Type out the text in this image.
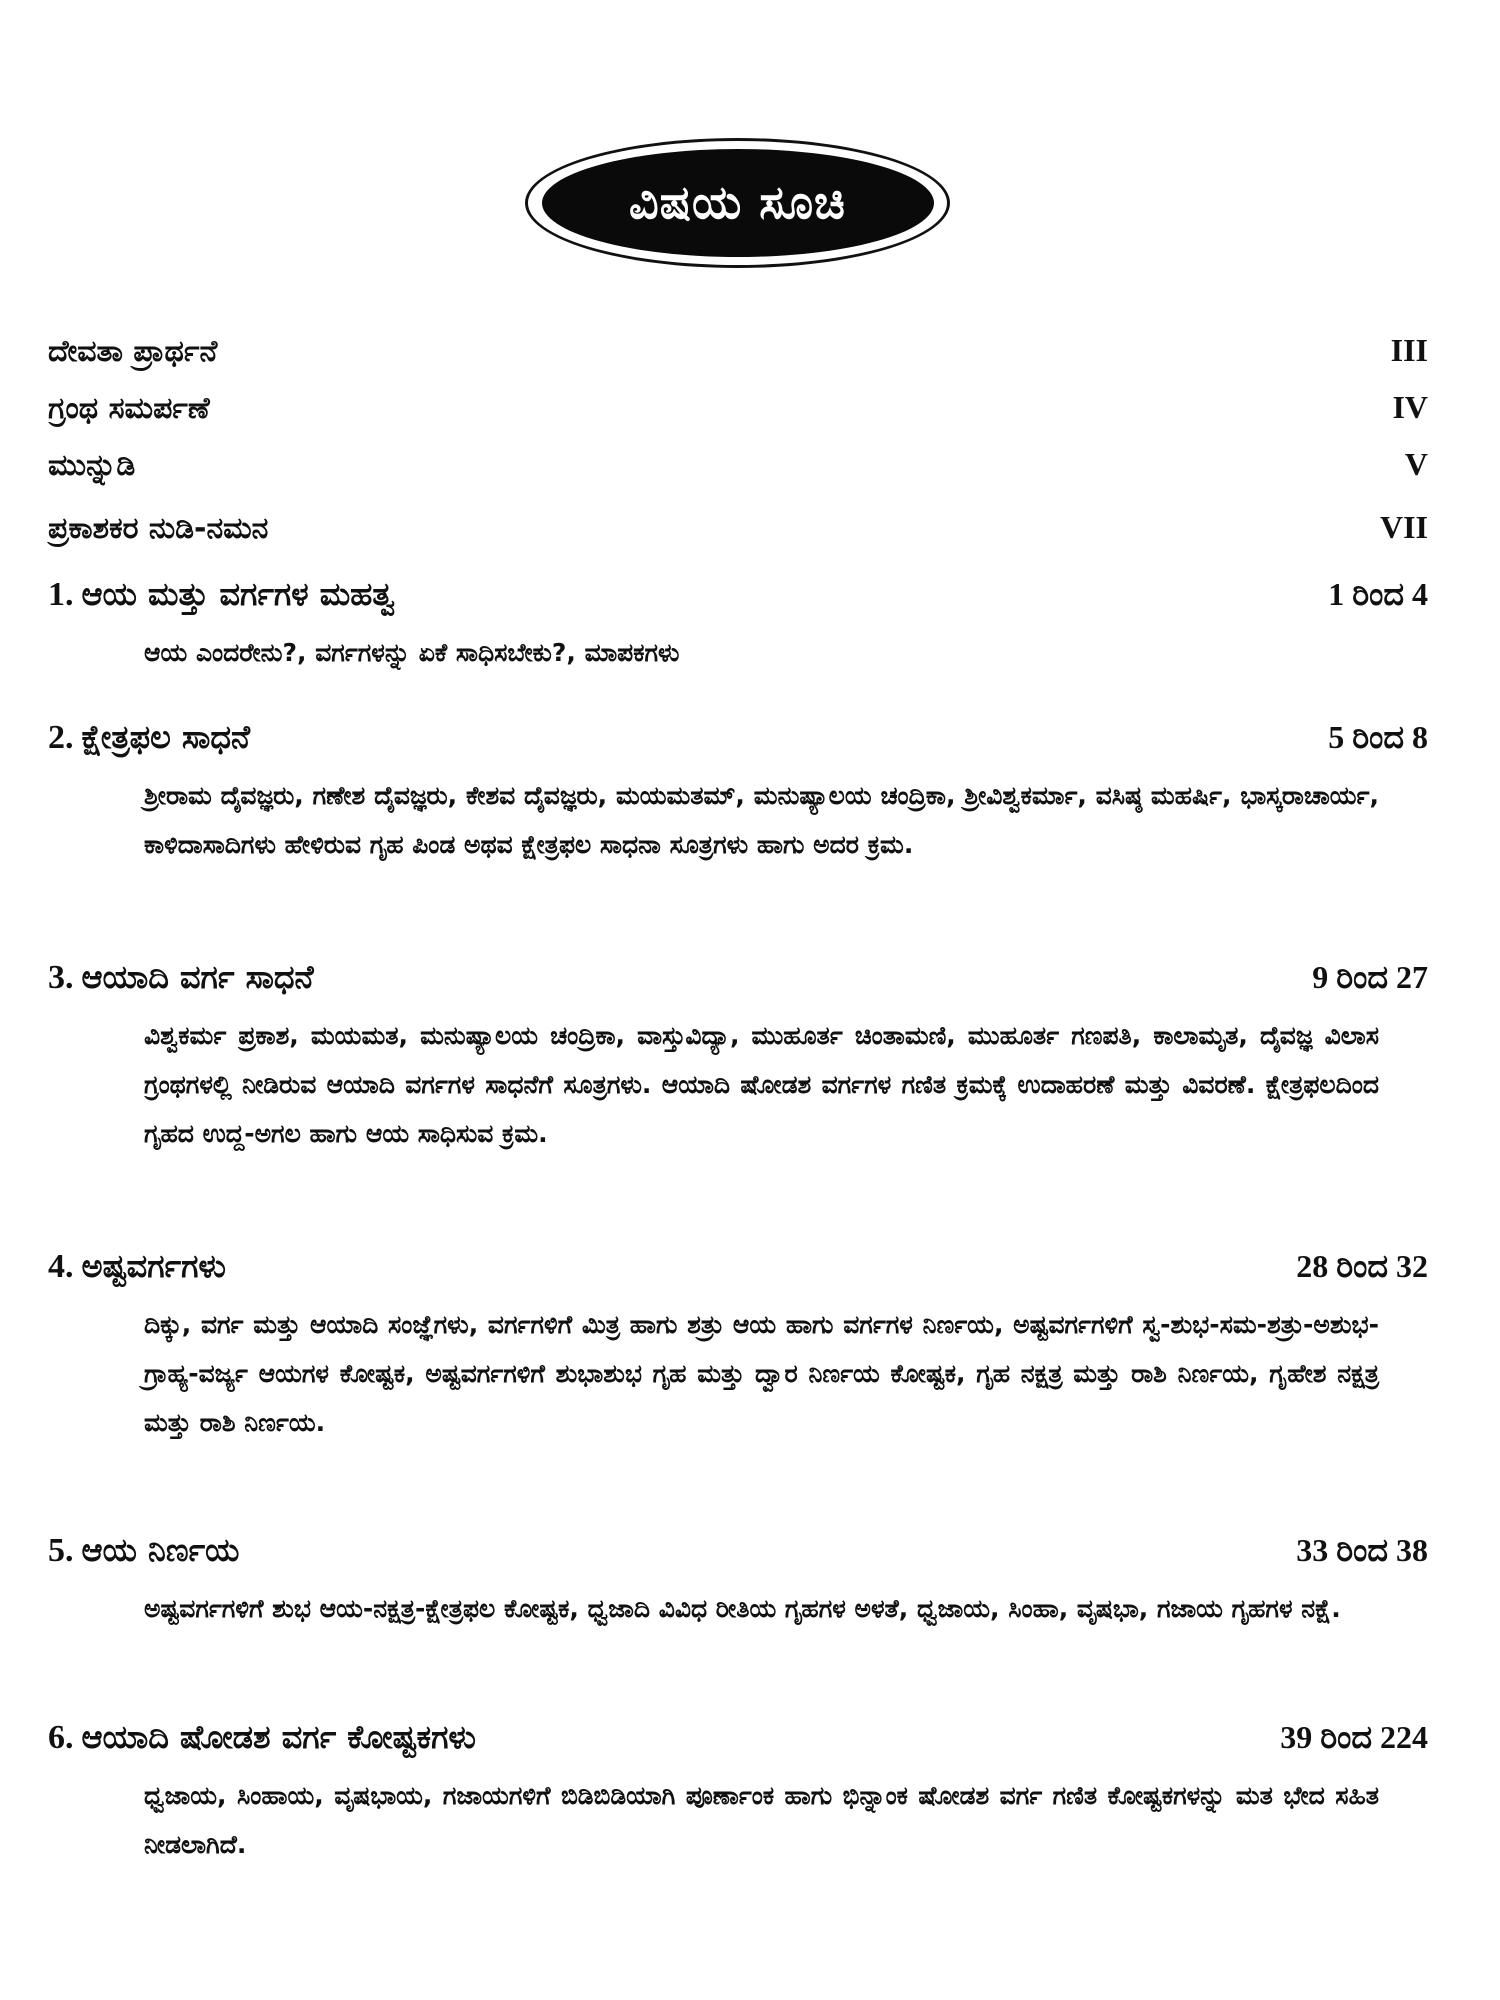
ವಿಷಯ ಸೂಚಿ
ದೇವತಾ ಪ್ರಾರ್ಥನೆ	III
ಗ್ರಂಥ ಸಮರ್ಪಣೆ	IV
ಮುನ್ನುಡಿ	V
ಪ್ರಕಾಶಕರ ನುಡಿ-ನಮನ	VII
1. ಆಯ ಮತ್ತು ವರ್ಗಗಳ ಮಹತ್ವ	1 ರಿಂದ 4
ಆಯ ಎಂದರೇನು?, ವರ್ಗಗಳನ್ನು ಏಕೆ ಸಾಧಿಸಬೇಕು?, ಮಾಪಕಗಳು
2. ಕ್ಷೇತ್ರಫಲ ಸಾಧನೆ	5 ರಿಂದ 8
ಶ್ರೀರಾಮ ದೈವಜ್ಞರು, ಗಣೇಶ ದೈವಜ್ಞರು, ಕೇಶವ ದೈವಜ್ಞರು, ಮಯಮತಮ್, ಮನುಷ್ಯಾಲಯ ಚಂದ್ರಿಕಾ, ಶ್ರೀವಿಶ್ವಕರ್ಮಾ, ವಸಿಷ್ಠ ಮಹರ್ಷಿ, ಭಾಸ್ಕರಾಚಾರ್ಯ, ಕಾಳಿದಾಸಾದಿಗಳು ಹೇಳಿರುವ ಗೃಹ ಪಿಂಡ ಅಥವ ಕ್ಷೇತ್ರಫಲ ಸಾಧನಾ ಸೂತ್ರಗಳು ಹಾಗು ಅದರ ಕ್ರಮ.
3. ಆಯಾದಿ ವರ್ಗ ಸಾಧನೆ	9 ರಿಂದ 27
ವಿಶ್ವಕರ್ಮ ಪ್ರಕಾಶ, ಮಯಮತ, ಮನುಷ್ಯಾಲಯ ಚಂದ್ರಿಕಾ, ವಾಸ್ತುವಿದ್ಯಾ, ಮುಹೂರ್ತ ಚಿಂತಾಮಣಿ, ಮುಹೂರ್ತ ಗಣಪತಿ, ಕಾಲಾಮೃತ, ದೈವಜ್ಞ ವಿಲಾಸ ಗ್ರಂಥಗಳಲ್ಲಿ ನೀಡಿರುವ ಆಯಾದಿ ವರ್ಗಗಳ ಸಾಧನೆಗೆ ಸೂತ್ರಗಳು. ಆಯಾದಿ ಷೋಡಶ ವರ್ಗಗಳ ಗಣಿತ ಕ್ರಮಕ್ಕೆ ಉದಾಹರಣೆ ಮತ್ತು ವಿವರಣೆ. ಕ್ಷೇತ್ರಫಲದಿಂದ ಗೃಹದ ಉದ್ದ-ಅಗಲ ಹಾಗು ಆಯ ಸಾಧಿಸುವ ಕ್ರಮ.
4. ಅಷ್ಟವರ್ಗಗಳು	28 ರಿಂದ 32
ದಿಕ್ಕು, ವರ್ಗ ಮತ್ತು ಆಯಾದಿ ಸಂಜ್ಞೆಗಳು, ವರ್ಗಗಳಿಗೆ ಮಿತ್ರ ಹಾಗು ಶತ್ರು ಆಯ ಹಾಗು ವರ್ಗಗಳ ನಿರ್ಣಯ, ಅಷ್ಟವರ್ಗಗಳಿಗೆ ಸ್ವ-ಶುಭ-ಸಮ-ಶತ್ರು-ಅಶುಭ-ಗ್ರಾಹ್ಯ-ವರ್ಜ್ಯ ಆಯಗಳ ಕೋಷ್ಟಕ, ಅಷ್ಟವರ್ಗಗಳಿಗೆ ಶುಭಾಶುಭ ಗೃಹ ಮತ್ತು ದ್ವಾರ ನಿರ್ಣಯ ಕೋಷ್ಟಕ, ಗೃಹ ನಕ್ಷತ್ರ ಮತ್ತು ರಾಶಿ ನಿರ್ಣಯ, ಗೃಹೇಶ ನಕ್ಷತ್ರ ಮತ್ತು ರಾಶಿ ನಿರ್ಣಯ.
5. ಆಯ ನಿರ್ಣಯ	33 ರಿಂದ 38
ಅಷ್ಟವರ್ಗಗಳಿಗೆ ಶುಭ ಆಯ-ನಕ್ಷತ್ರ-ಕ್ಷೇತ್ರಫಲ ಕೋಷ್ಟಕ, ಧ್ವಜಾದಿ ವಿವಿಧ ರೀತಿಯ ಗೃಹಗಳ ಅಳತೆ, ಧ್ವಜಾಯ, ಸಿಂಹಾ, ವೃಷಭಾ, ಗಜಾಯ ಗೃಹಗಳ ನಕ್ಷೆ.
6. ಆಯಾದಿ ಷೋಡಶ ವರ್ಗ ಕೋಷ್ಟಕಗಳು	39 ರಿಂದ 224
ಧ್ವಜಾಯ, ಸಿಂಹಾಯ, ವೃಷಭಾಯ, ಗಜಾಯಗಳಿಗೆ ಬಿಡಿಬಿಡಿಯಾಗಿ ಪೂರ್ಣಾಂಕ ಹಾಗು ಭಿನ್ನಾಂಕ ಷೋಡಶ ವರ್ಗ ಗಣಿತ ಕೋಷ್ಟಕಗಳನ್ನು ಮತ ಭೇದ ಸಹಿತ ನೀಡಲಾಗಿದೆ.
